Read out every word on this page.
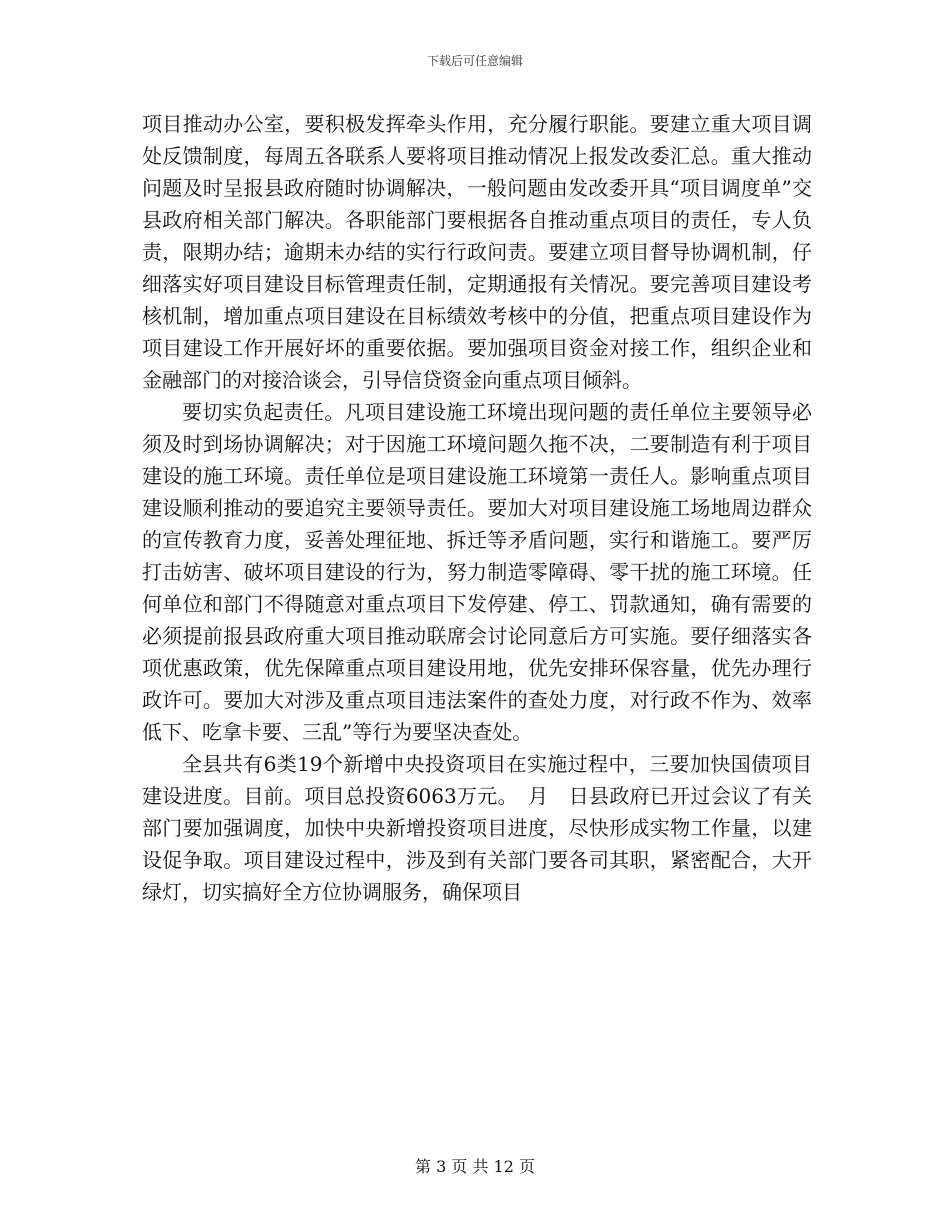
下载后可任意编辑

项目推动办公室，要积极发挥牵头作用，充分履行职能。要建立重大项目调处反馈制度，每周五各联系人要将项目推动情况上报发改委汇总。重大推动问题及时呈报县政府随时协调解决，一般问题由发改委开具“项目调度单”交县政府相关部门解决。各职能部门要根据各自推动重点项目的责任，专人负责，限期办结；逾期未办结的实行行政问责。要建立项目督导协调机制，仔细落实好项目建设目标管理责任制，定期通报有关情况。要完善项目建设考核机制，增加重点项目建设在目标绩效考核中的分值，把重点项目建设作为项目建设工作开展好坏的重要依据。要加强项目资金对接工作，组织企业和金融部门的对接洽谈会，引导信贷资金向重点项目倾斜。

要切实负起责任。凡项目建设施工环境出现问题的责任单位主要领导必须及时到场协调解决；对于因施工环境问题久拖不决，二要制造有利于项目建设的施工环境。责任单位是项目建设施工环境第一责任人。影响重点项目建设顺利推动的要追究主要领导责任。要加大对项目建设施工场地周边群众的宣传教育力度，妥善处理征地、拆迁等矛盾问题，实行和谐施工。要严厉打击妨害、破坏项目建设的行为，努力制造零障碍、零干扰的施工环境。任何单位和部门不得随意对重点项目下发停建、停工、罚款通知，确有需要的必须提前报县政府重大项目推动联席会讨论同意后方可实施。要仔细落实各项优惠政策，优先保障重点项目建设用地，优先安排环保容量，优先办理行政许可。要加大对涉及重点项目违法案件的查处力度，对行政不作为、效率低下、吃拿卡要、三乱”等行为要坚决查处。

全县共有6类19个新增中央投资项目在实施过程中，三要加快国债项目建设进度。目前。项目总投资6063万元。　月　日县政府已开过会议了有关部门要加强调度，加快中央新增投资项目进度，尽快形成实物工作量，以建设促争取。项目建设过程中，涉及到有关部门要各司其职，紧密配合，大开绿灯，切实搞好全方位协调服务，确保项目

第 3 页 共 12 页
